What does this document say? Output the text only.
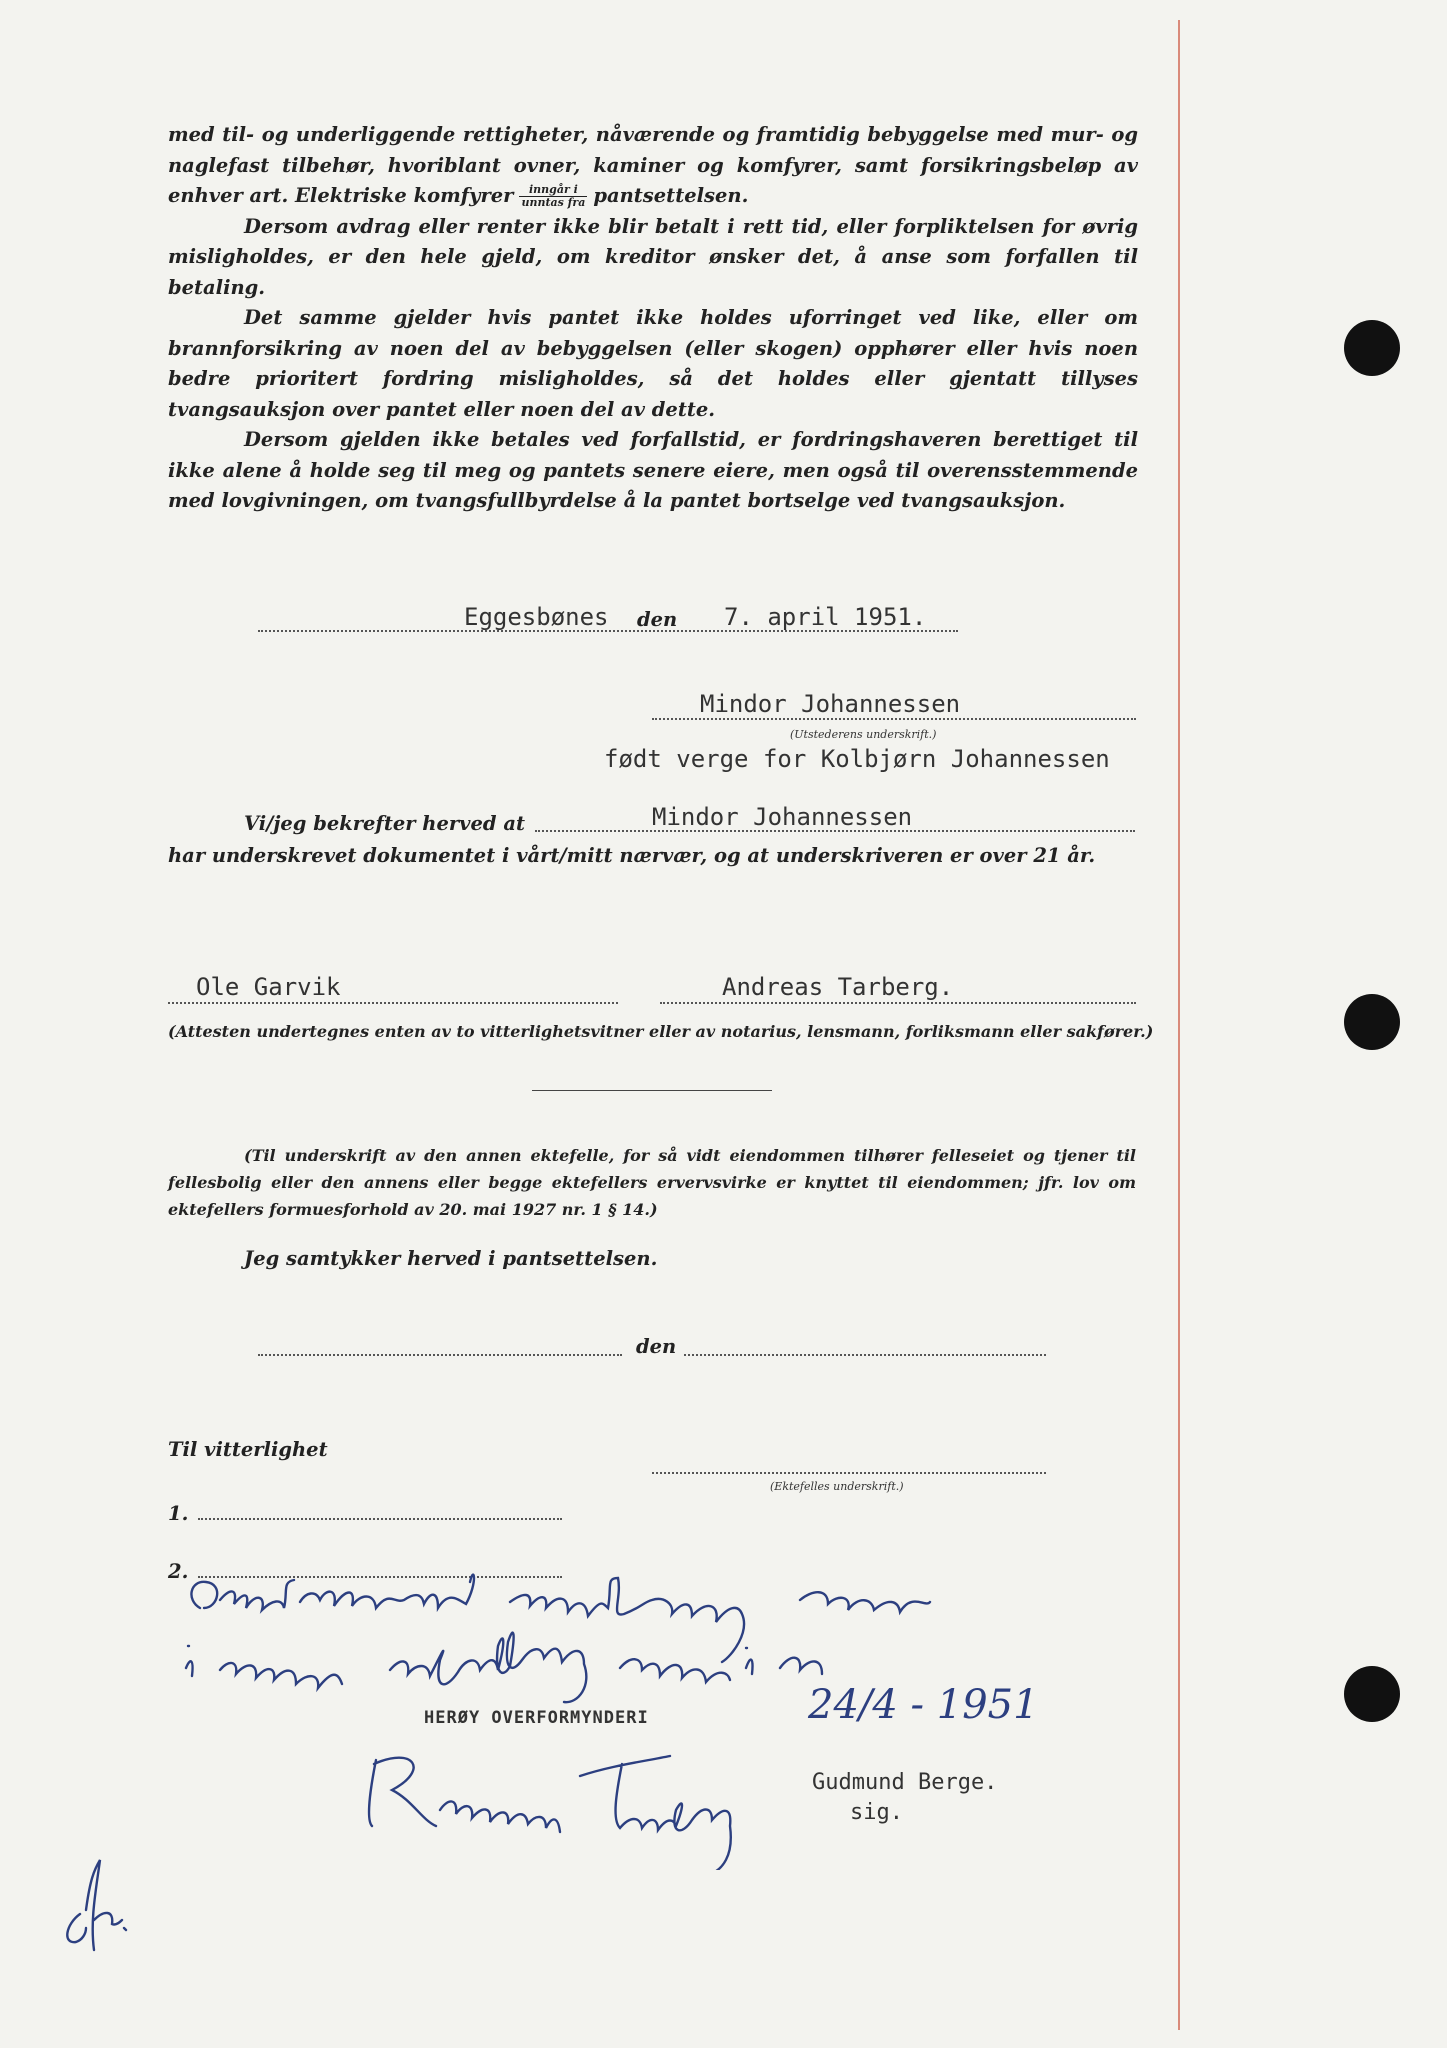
med til- og underliggende rettigheter, nåværende og framtidig bebyggelse med mur- og naglefast tilbehør, hvoriblant ovner, kaminer og komfyrer, samt forsikringsbeløp av enhver art. Elektriske komfyrer $\frac{\text{inngår i}}{\text{unntas fra}}$ pantsettelsen.

Dersom avdrag eller renter ikke blir betalt i rett tid, eller forpliktelsen for øvrig misligholdes, er den hele gjeld, om kreditor ønsker det, å anse som forfallen til betaling.

Det samme gjelder hvis pantet ikke holdes uforringet ved like, eller om brannforsikring av noen del av bebyggelsen (eller skogen) opphører eller hvis noen bedre prioritert fordring misligholdes, så det holdes eller gjentatt tillyses tvangsauksjon over pantet eller noen del av dette.

Dersom gjelden ikke betales ved forfallstid, er fordringshaveren berettiget til ikke alene å holde seg til meg og pantets senere eiere, men også til overensstemmende med lovgivningen, om tvangsfullbyrdelse å la pantet bortselge ved tvangsauksjon.

Eggesbønes den 7. april 1951.
Mindor Johannessen
(Utstederens underskrift.)
født verge for Kolbjørn Johannessen
Vi/jeg bekrefter herved at	Mindor Johannessen
har underskrevet dokumentet i vårt/mitt nærvær, og at underskriveren er over 21 år.
Ole Garvik	Andreas Tarberg.
(Attesten undertegnes enten av to vitterlighetsvitner eller av notarius, lensmann, forliksmann eller sakfører.)

(Til underskrift av den annen ektefelle, for så vidt eiendommen tilhører felleseiet og tjener til fellesbolig eller den annens eller begge ektefellers ervervsvirke er knyttet til eiendommen; jfr. lov om ektefellers formuesforhold av 20. mai 1927 nr. 1 § 14.)

Jeg samtykker herved i pantsettelsen.
den
Til vitterlighet
(Ektefelles underskrift.)
1.
2.
HERØY OVERFORMYNDERI	24/4 - 1951
Gudmund Berge.
sig.
